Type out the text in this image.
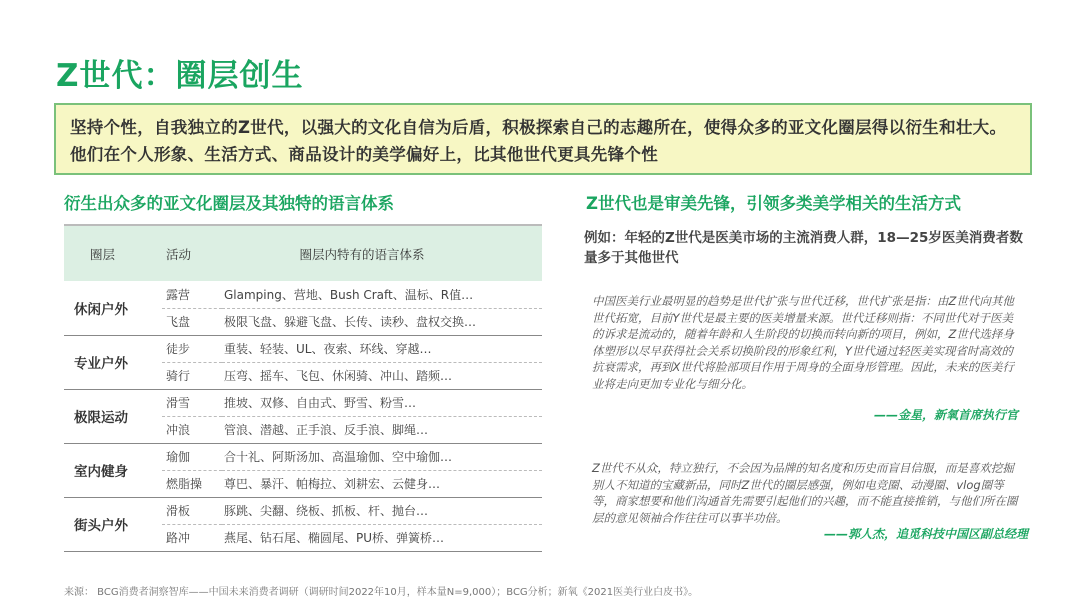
Z世代：圈层创生
坚持个性，自我独立的Z世代，以强大的文化自信为后盾，积极探索自己的志趣所在，使得众多的亚文化圈层得以衍生和壮大。他们在个人形象、生活方式、商品设计的美学偏好上，比其他世代更具先锋个性
衍生出众多的亚文化圈层及其独特的语言体系	Z世代也是审美先锋，引领多类美学相关的生活方式
圈层	活动	圈层内特有的语言体系
休闲户外	露营	Glamping、营地、Bush Craft、温标、R值…
	飞盘	极限飞盘、躲避飞盘、长传、读秒、盘权交换…
专业户外	徒步	重装、轻装、UL、夜索、环线、穿越…
	骑行	压弯、摇车、飞包、休闲骑、冲山、踏频…
极限运动	滑雪	推坡、双修、自由式、野雪、粉雪…
	冲浪	管浪、潜越、正手浪、反手浪、脚绳…
室内健身	瑜伽	合十礼、阿斯汤加、高温瑜伽、空中瑜伽…
	燃脂操	尊巴、暴汗、帕梅拉、刘耕宏、云健身…
街头户外	滑板	豚跳、尖翻、绕板、抓板、杆、抛台…
	路冲	燕尾、钻石尾、椭圆尾、PU桥、弹簧桥…
例如：年轻的Z世代是医美市场的主流消费人群，18—25岁医美消费者数量多于其他世代
中国医美行业最明显的趋势是世代扩张与世代迁移，世代扩张是指：由Z世代向其他世代拓宽，目前Y世代是最主要的医美增量来源。世代迁移则指：不同世代对于医美的诉求是流动的，随着年龄和人生阶段的切换而转向新的项目，例如，Z世代选择身体塑形以尽早获得社会关系切换阶段的形象红利，Y世代通过轻医美实现省时高效的抗衰需求，再到X世代将脸部项目作用于周身的全面身形管理。因此，未来的医美行业将走向更加专业化与细分化。
——金星，新氧首席执行官
Z世代不从众，特立独行，不会因为品牌的知名度和历史而盲目信服，而是喜欢挖掘别人不知道的宝藏新品，同时Z世代的圈层感强，例如电竞圈、动漫圈、vlog圈等等，商家想要和他们沟通首先需要引起他们的兴趣，而不能直接推销，与他们所在圈层的意见领袖合作往往可以事半功倍。
——郭人杰，追觅科技中国区副总经理
来源： BCG消费者洞察智库——中国未来消费者调研（调研时间2022年10月，样本量N=9,000）；BCG分析；新氧《2021医美行业白皮书》。
